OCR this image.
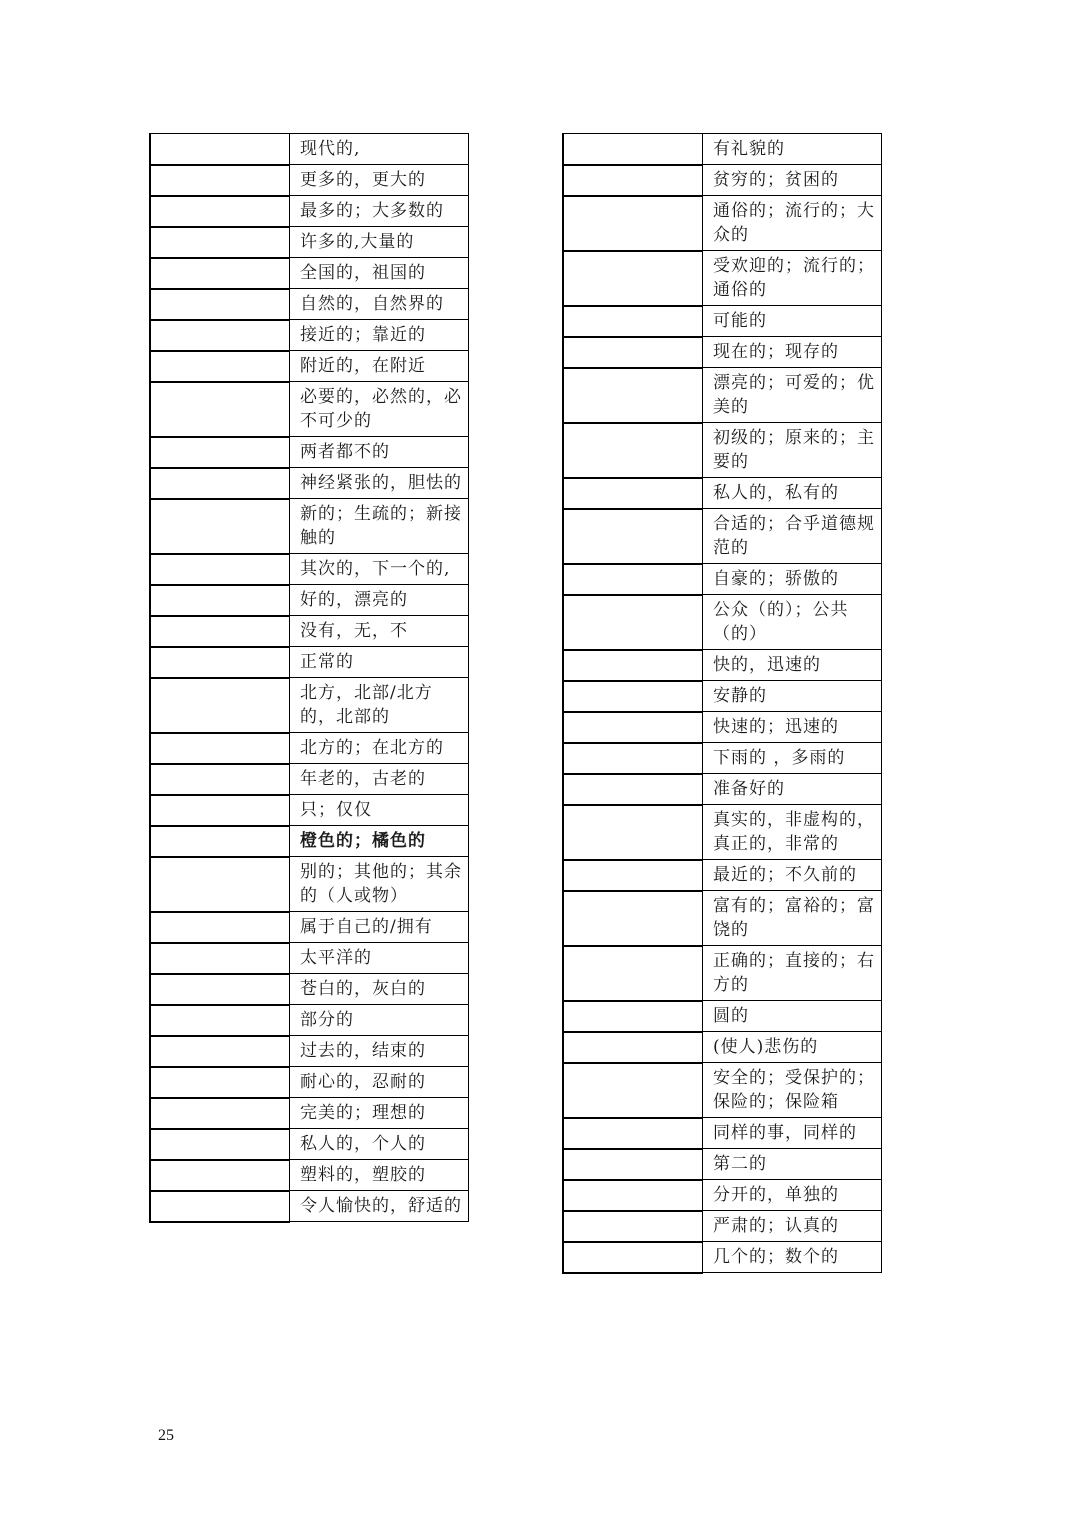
	现代的,
	更多的，更大的
	最多的；大多数的
	许多的,大量的
	全国的，祖国的
	自然的，自然界的
	接近的；靠近的
	附近的，在附近
	必要的，必然的，必不可少的
	两者都不的
	神经紧张的，胆怯的
	新的；生疏的；新接触的
	其次的，下一个的,
	好的，漂亮的
	没有，无，不
	正常的
	北方，北部/北方的，北部的
	北方的；在北方的
	年老的，古老的
	只；仅仅
	橙色的；橘色的
	别的；其他的；其余的（人或物）
	属于自己的/拥有
	太平洋的
	苍白的，灰白的
	部分的
	过去的，结束的
	耐心的，忍耐的
	完美的；理想的
	私人的，个人的
	塑料的，塑胶的
	令人愉快的，舒适的
	有礼貌的
	贫穷的；贫困的
	通俗的；流行的；大众的
	受欢迎的；流行的；通俗的
	可能的
	现在的；现存的
	漂亮的；可爱的；优美的
	初级的；原来的；主要的
	私人的，私有的
	合适的；合乎道德规范的
	自豪的；骄傲的
	公众（的）；公共（的）
	快的，迅速的
	安静的
	快速的；迅速的
	下雨的 ，多雨的
	准备好的
	真实的，非虚构的，真正的，非常的
	最近的；不久前的
	富有的；富裕的；富饶的
	正确的；直接的；右方的
	圆的
	(使人)悲伤的
	安全的；受保护的；保险的；保险箱
	同样的事，同样的
	第二的
	分开的，单独的
	严肃的；认真的
	几个的；数个的
25
